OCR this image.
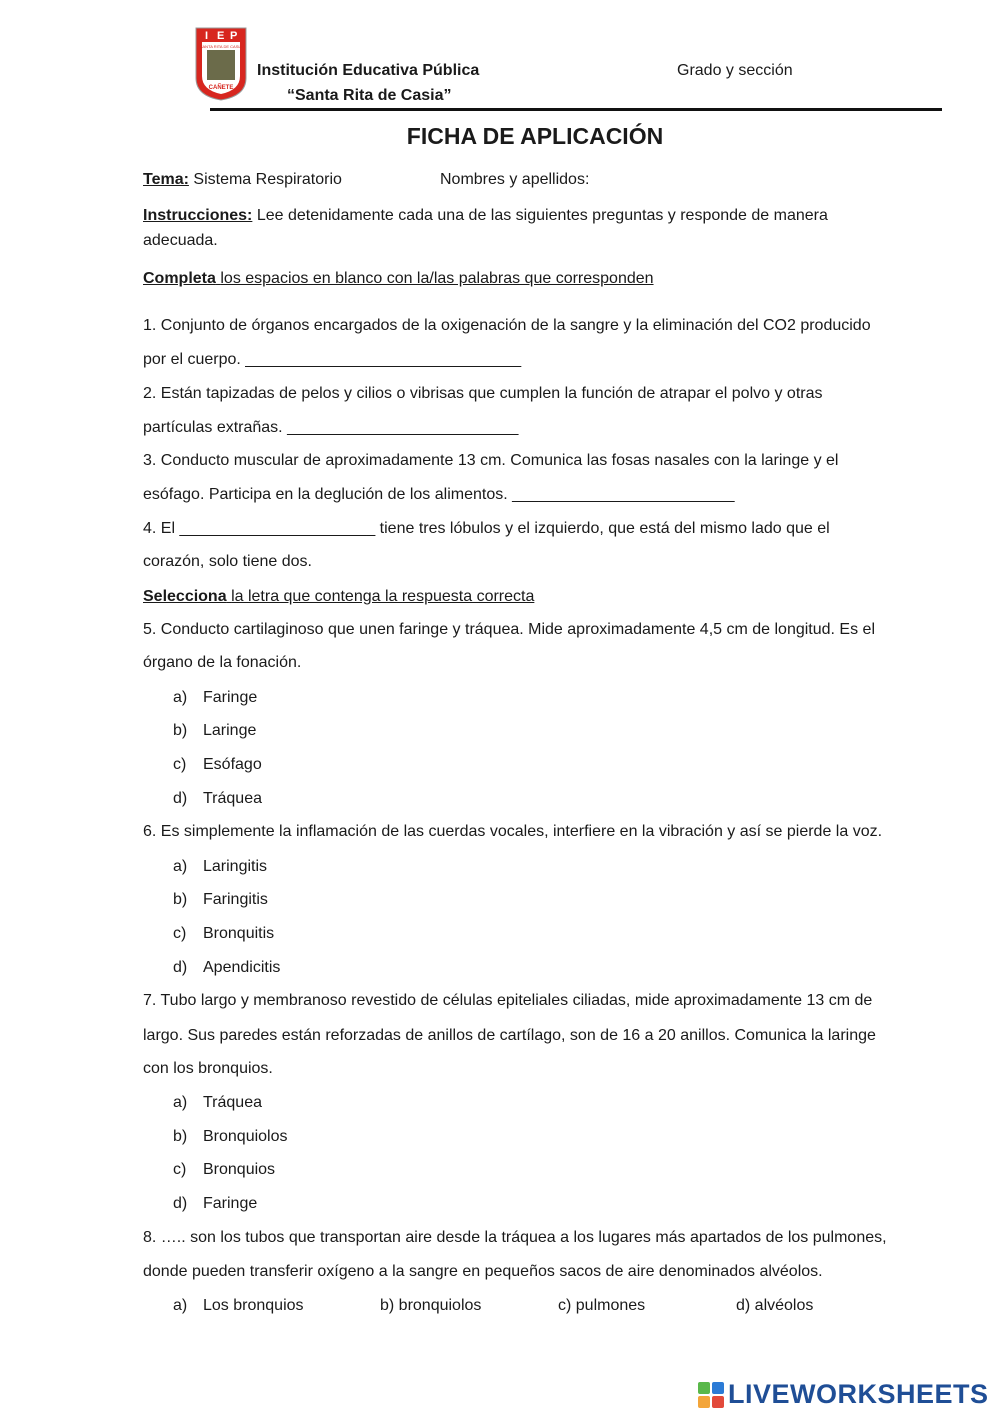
I E P
SANTA RITA DE CASIA
CAÑETE
Institución Educativa Pública
“Santa Rita de Casia”
Grado y sección
FICHA DE APLICACIÓN
Tema: Sistema Respiratorio	Nombres y apellidos:
Instrucciones: Lee detenidamente cada una de las siguientes preguntas y responde de manera
adecuada.
Completa los espacios en blanco con la/las palabras que corresponden
1. Conjunto de órganos encargados de la oxigenación de la sangre y la eliminación del CO2 producido
por el cuerpo. _______________________________
2. Están tapizadas de pelos y cilios o vibrisas que cumplen la función de atrapar el polvo y otras
partículas extrañas. __________________________
3. Conducto muscular de aproximadamente 13 cm. Comunica las fosas nasales con la laringe y el
esófago. Participa en la deglución de los alimentos. _________________________
4. El ______________________ tiene tres lóbulos y el izquierdo, que está del mismo lado que el
corazón, solo tiene dos.
Selecciona la letra que contenga la respuesta correcta
5. Conducto cartilaginoso que unen faringe y tráquea. Mide aproximadamente 4,5 cm de longitud. Es el
órgano de la fonación.
a) Faringe
b) Laringe
c) Esófago
d) Tráquea
6. Es simplemente la inflamación de las cuerdas vocales, interfiere en la vibración y así se pierde la voz.
a) Laringitis
b) Faringitis
c) Bronquitis
d) Apendicitis
7. Tubo largo y membranoso revestido de células epiteliales ciliadas, mide aproximadamente 13 cm de
largo. Sus paredes están reforzadas de anillos de cartílago, son de 16 a 20 anillos. Comunica la laringe
con los bronquios.
a) Tráquea
b) Bronquiolos
c) Bronquios
d) Faringe
8. ….. son los tubos que transportan aire desde la tráquea a los lugares más apartados de los pulmones,
donde pueden transferir oxígeno a la sangre en pequeños sacos de aire denominados alvéolos.
a) Los bronquios	b) bronquiolos	c) pulmones	d) alvéolos
LIVEWORKSHEETS
